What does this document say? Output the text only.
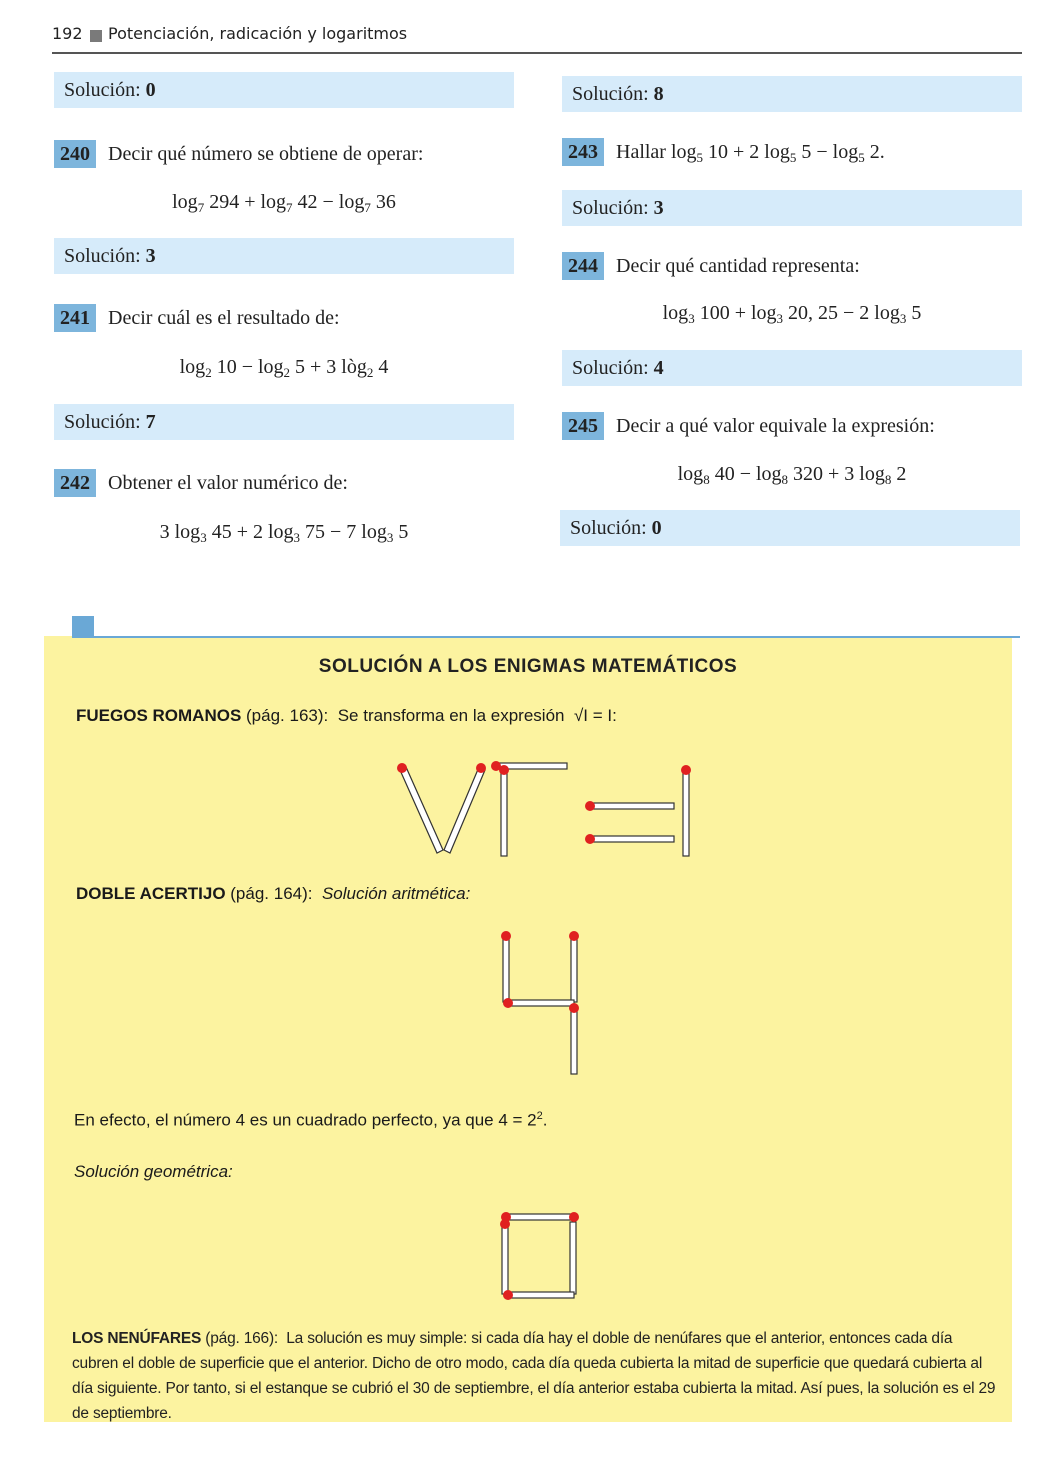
192 Potenciación, radicación y logaritmos
Solución: 0
240 Decir qué número se obtiene de operar:
$\log_7 294 + \log_7 42 - \log_7 36$
Solución: 3
241 Decir cuál es el resultado de:
$\log_2 10 - \log_2 5 + 3$ lòg$_2$ 4
Solución: 7
242 Obtener el valor numérico de:
3 $\log_3 45 + 2$ $\log_3 75 - 7$ $\log_3 5$
Solución: 8
243 Hallar $\log_5 10 + 2$ $\log_5 5 - \log_5 2$.
Solución: 3
244 Decir qué cantidad representa:
$\log_3 100 + \log_3 20$, 25 − 2 $\log_3 5$
Solución: 4
245 Decir a qué valor equivale la expresión:
$\log_8 40 - \log_8 320 + 3$ $\log_8 2$
Solución: 0
SOLUCIÓN A LOS ENIGMAS MATEMÁTICOS
FUEGOS ROMANOS (pág. 163): Se transforma en la expresión √I = I:
DOBLE ACERTIJO (pág. 164): Solución aritmética:
En efecto, el número 4 es un cuadrado perfecto, ya que $4 = 2^2$.
Solución geométrica:
LOS NENÚFARES (pág. 166): La solución es muy simple: si cada día hay el doble de nenúfares que el anterior, entonces cada día cubren el doble de superficie que el anterior. Dicho de otro modo, cada día queda cubierta la mitad de superficie que quedará cubierta al día siguiente. Por tanto, si el estanque se cubrió el 30 de septiembre, el día anterior estaba cubierta la mitad. Así pues, la solución es el 29 de septiembre.
